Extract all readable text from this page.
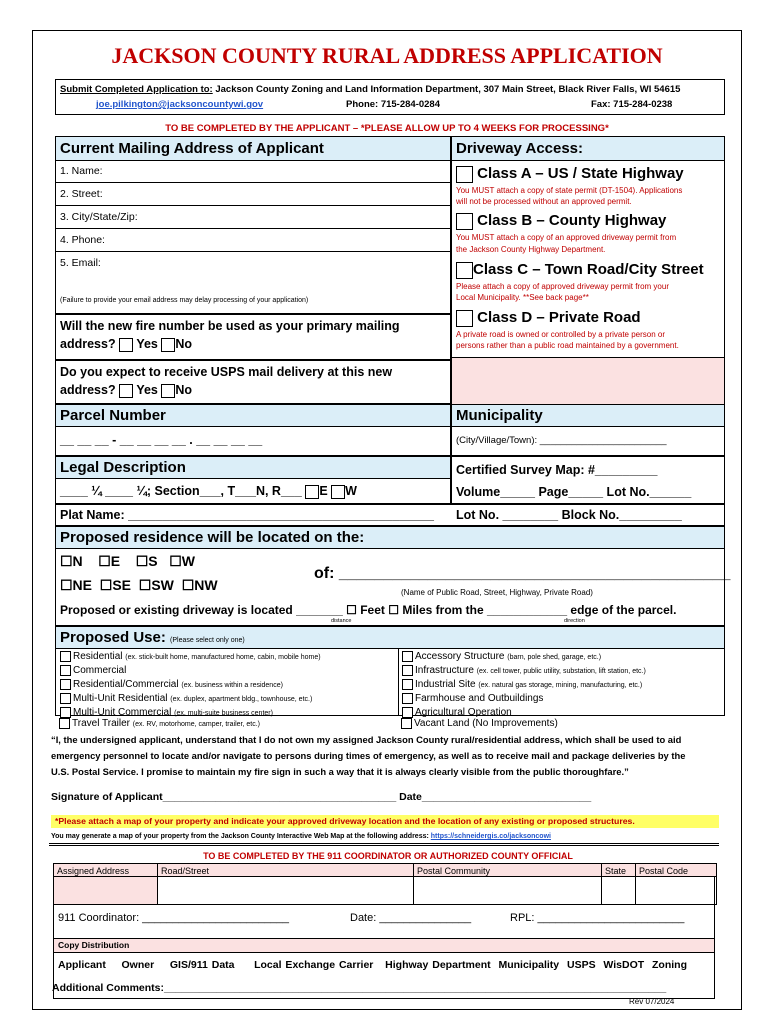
JACKSON COUNTY RURAL ADDRESS APPLICATION
Submit Completed Application to: Jackson County Zoning and Land Information Department, 307 Main Street, Black River Falls, WI 54615
joe.pilkington@jacksoncountywi.gov	Phone: 715-284-0284	Fax: 715-284-0238
TO BE COMPLETED BY THE APPLICANT – *PLEASE ALLOW UP TO 4 WEEKS FOR PROCESSING*
Current Mailing Address of Applicant
1. Name:
2. Street:
3. City/State/Zip:
4. Phone:
5. Email:
(Failure to provide your email address may delay processing of your application)
Will the new fire number be used as your primary mailing
address? Yes No
Do you expect to receive USPS mail delivery at this new
address? Yes No
Driveway Access:
Class A – US / State Highway
You MUST attach a copy of state permit (DT-1504). Applications
will not be processed without an approved permit.
Class B – County Highway
You MUST attach a copy of an approved driveway permit from
the Jackson County Highway Department.
Class C – Town Road/City Street
Please attach a copy of approved driveway permit from your
Local Municipality. **See back page**
Class D – Private Road
A private road is owned or controlled by a private person or
persons rather than a public road maintained by a government.
Parcel Number
__ __ __ - __ __ __ __ . __ __ __ __
Municipality
(City/Village/Town): ________________________
Legal Description
____ ¼ ____ ¼; Section___, T___N, R___ E W
Certified Survey Map: #_________
Volume_____ Page_____ Lot No.______
Plat Name: ____________________________________________ Lot No. ________ Block No._________
Proposed residence will be located on the:
☐N ☐E ☐S ☐W
☐NE ☐SE ☐SW ☐NW
of: ____________________________________________
(Name of Public Road, Street, Highway, Private Road)
Proposed or existing driveway is located _______ ☐ Feet ☐ Miles from the ____________ edge of the parcel.
distance	direction
Proposed Use: (Please select only one)
Residential (ex. stick-built home, manufactured home, cabin, mobile home)
Commercial
Residential/Commercial (ex. business within a residence)
Multi-Unit Residential (ex. duplex, apartment bldg., townhouse, etc.)
Multi-Unit Commercial (ex. multi-suite business center)
Accessory Structure (barn, pole shed, garage, etc.)
Infrastructure (ex. cell tower, public utility, substation, lift station, etc.)
Industrial Site (ex. natural gas storage, mining, manufacturing, etc.)
Farmhouse and Outbuildings
Agricultural Operation
Travel Trailer (ex. RV, motorhome, camper, trailer, etc.)	Vacant Land (No Improvements)
“I, the undersigned applicant, understand that I do not own my assigned Jackson County rural/residential address, which shall be used to aid
emergency personnel to locate and/or navigate to persons during times of emergency, as well as to receive mail and package deliveries by the
U.S. Postal Service. I promise to maintain my fire sign in such a way that it is always clearly visible from the public thoroughfare.”
Signature of Applicant________________________________________ Date_____________________________
*Please attach a map of your property and indicate your approved driveway location and the location of any existing or proposed structures.
You may generate a map of your property from the Jackson County Interactive Web Map at the following address: https://schneidergis.co/jacksoncowi
TO BE COMPLETED BY THE 911 COORDINATOR OR AUTHORIZED COUNTY OFFICIAL
Assigned Address	Road/Street	Postal Community	State	Postal Code
911 Coordinator: ________________________	Date: _______________	RPL: ________________________
Copy Distribution
Applicant Owner GIS/911 Data Local Exchange Carrier Highway Department Municipality USPS WisDOT Zoning
Additional Comments:______________________________________________________________________________________
Rev 07/2024
